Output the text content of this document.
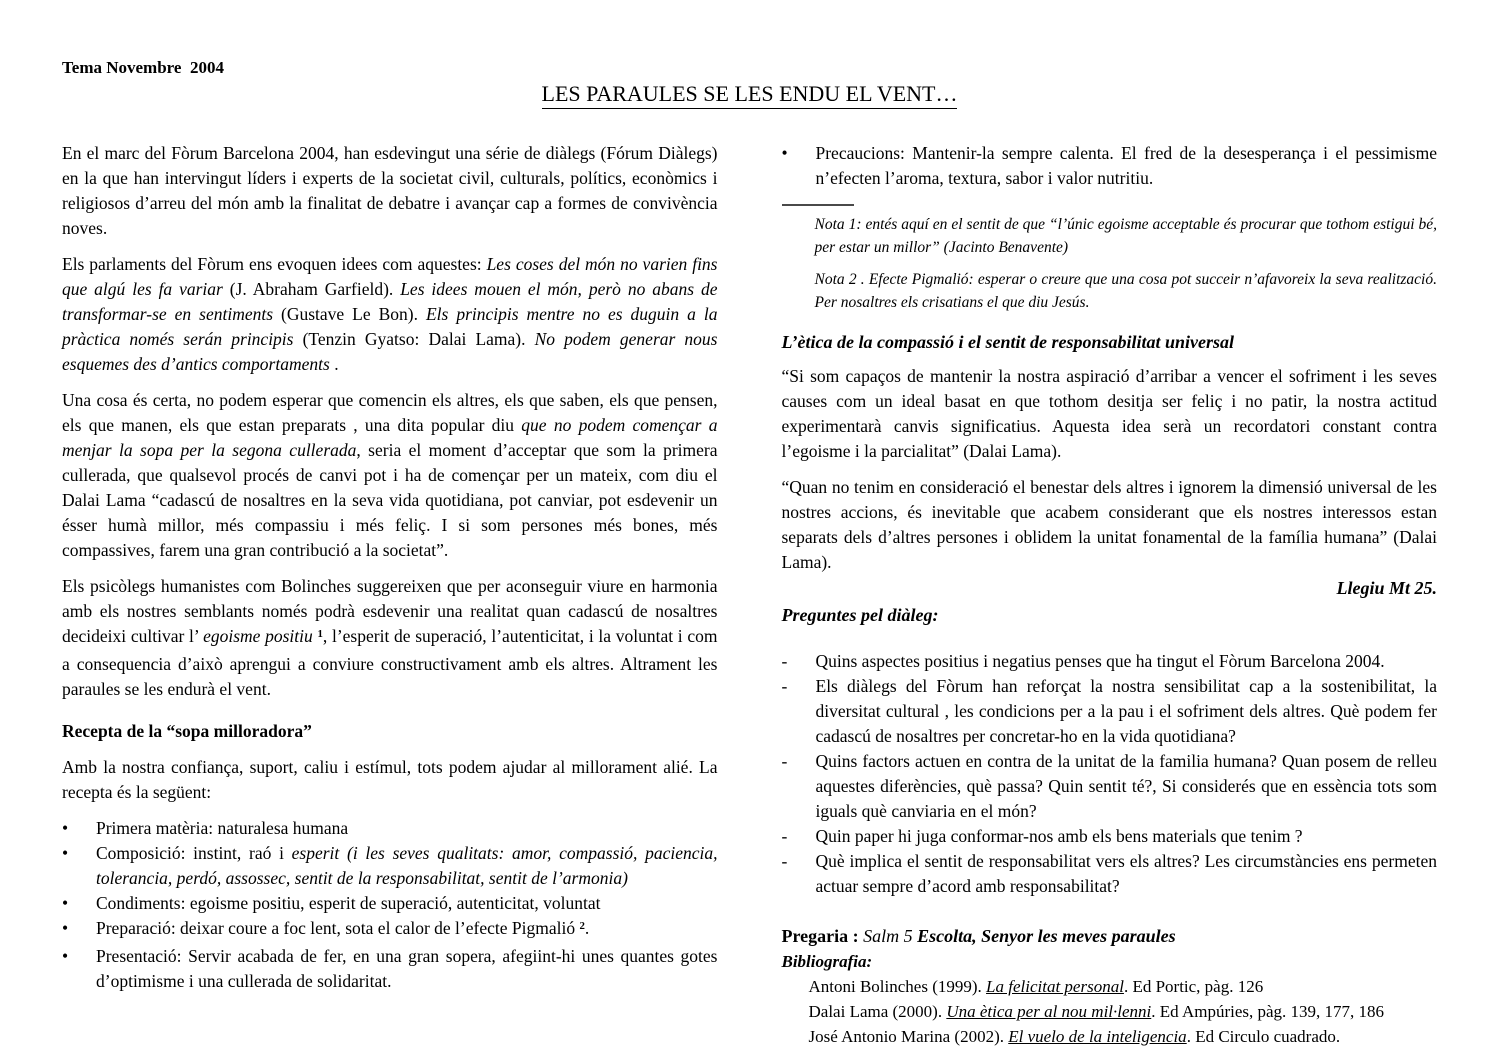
Tema Novembre  2004
LES PARAULES SE LES ENDU EL VENT…
En el marc del Fòrum Barcelona 2004, han esdevingut una série de diàlegs (Fórum Diàlegs) en la que han intervingut líders i experts de la societat civil, culturals, polítics, econòmics i religiosos d’arreu del món amb la finalitat de debatre i avançar cap a formes de convivència noves.
Els parlaments del Fòrum ens evoquen idees com aquestes: Les coses del món no varien fins que algú les fa variar (J. Abraham Garfield). Les idees mouen el món, però no abans de transformar-se en sentiments (Gustave Le Bon). Els principis mentre no es duguin a la pràctica només serán principis (Tenzin Gyatso: Dalai Lama). No podem generar nous esquemes des d’antics comportaments .
Una cosa és certa, no podem esperar que comencin els altres, els que saben, els que pensen, els que manen, els que estan preparats , una dita popular diu que no podem començar a menjar la sopa per la segona cullerada, seria el moment d’acceptar que som la primera cullerada, que qualsevol procés de canvi pot i ha de començar per un mateix, com diu el Dalai Lama “cadascú de nosaltres en la seva vida quotidiana, pot canviar, pot esdevenir un ésser humà millor, més compassiu i més feliç. I si som persones més bones, més compassives, farem una gran contribució a la societat”.
Els psicòlegs humanistes com Bolinches suggereixen que per aconseguir viure en harmonia amb els nostres semblants només podrà esdevenir una realitat quan cadascú de nosaltres decideixi cultivar l’ egoisme positiu $^1$, l’esperit de superació, l’autenticitat, i la voluntat i com a consequencia d’això aprengui a conviure constructivament amb els altres. Altrament les paraules se les endurà el vent.
Recepta de la “sopa milloradora”
Amb la nostra confiança, suport, caliu i estímul, tots podem ajudar al millorament alié. La recepta és la següent:
•	Primera matèria: naturalesa humana
•	Composició: instint, raó i esperit (i les seves qualitats: amor, compassió, paciencia, tolerancia, perdó, assossec, sentit de la responsabilitat, sentit de l’armonia)
•	Condiments: egoisme positiu, esperit de superació, autenticitat, voluntat
•	Preparació: deixar coure a foc lent, sota el calor de l’efecte Pigmalió $^2$.
•	Presentació: Servir acabada de fer, en una gran sopera, afegiint-hi unes quantes gotes d’optimisme i una cullerada de solidaritat.
•	Precaucions: Mantenir-la sempre calenta. El fred de la desesperança i el pessimisme n’efecten l’aroma, textura, sabor i valor nutritiu.
Nota 1: entés aquí en el sentit de que “l’únic egoisme acceptable és procurar que tothom estigui bé, per estar un millor” (Jacinto Benavente)
Nota 2 . Efecte Pigmalió: esperar o creure que una cosa pot succeir n’afavoreix la seva realització. Per nosaltres els crisatians el que diu Jesús.
L’ètica de la compassió i el sentit de responsabilitat universal
“Si som capaços de mantenir la nostra aspiració d’arribar a vencer el sofriment i les seves causes com un ideal basat en que tothom desitja ser feliç i no patir, la nostra actitud experimentarà canvis significatius. Aquesta idea serà un recordatori constant contra l’egoisme i la parcialitat” (Dalai Lama).
“Quan no tenim en consideració el benestar dels altres i ignorem la dimensió universal de les nostres accions, és inevitable que acabem considerant que els nostres interessos estan separats dels d’altres persones i oblidem la unitat fonamental de la família humana” (Dalai Lama).
Llegiu Mt 25.
Preguntes pel diàleg:
-	Quins aspectes positius i negatius penses que ha tingut el Fòrum Barcelona 2004.
-	Els diàlegs del Fòrum han reforçat la nostra sensibilitat cap a la sostenibilitat, la diversitat cultural , les condicions per a la pau i el sofriment dels altres. Què podem fer cadascú de nosaltres per concretar-ho en la vida quotidiana?
-	Quins factors actuen en contra de la unitat de la familia humana? Quan posem de relleu aquestes diferències, què passa? Quin sentit té?, Si considerés que en essència tots som iguals què canviaria en el món?
-	Quin paper hi juga conformar-nos amb els bens materials que tenim ?
-	Què implica el sentit de responsabilitat vers els altres? Les circumstàncies ens permeten actuar sempre d’acord amb responsabilitat?
Pregaria : Salm 5 Escolta, Senyor les meves paraules
Bibliografia:
Antoni Bolinches (1999). La felicitat personal. Ed Portic, pàg. 126
Dalai Lama (2000). Una ètica per al nou mil·lenni. Ed Ampúries, pàg. 139, 177, 186
José Antonio Marina (2002). El vuelo de la inteligencia. Ed Circulo cuadrado.
